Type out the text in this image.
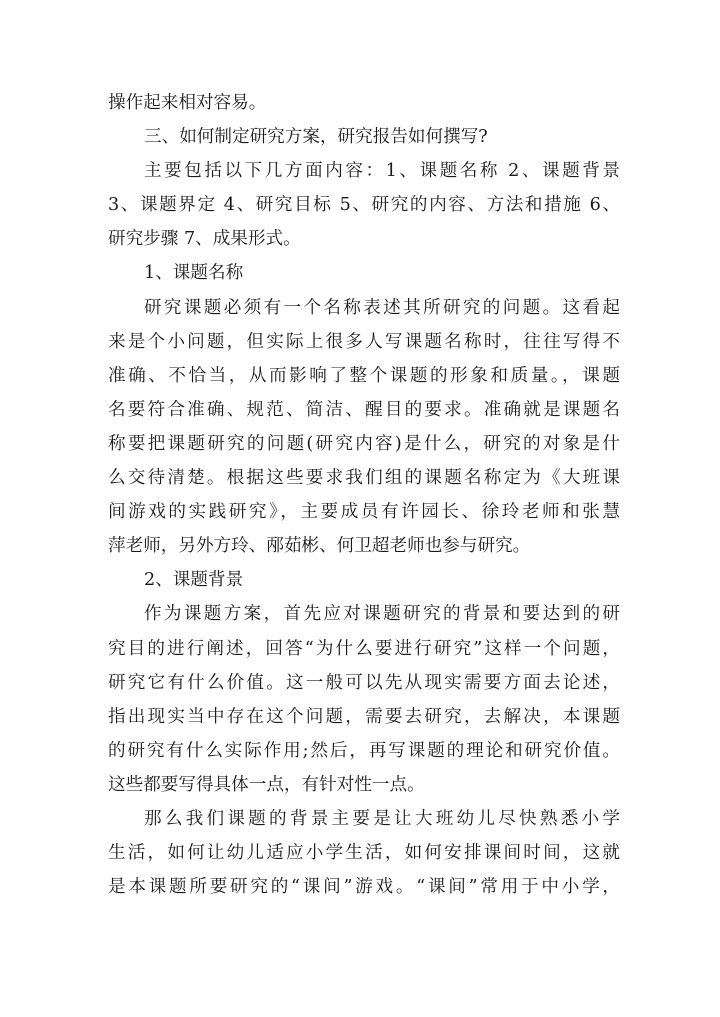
操作起来相对容易。
三、如何制定研究方案，研究报告如何撰写?
主要包括以下几方面内容：1、课题名称 2、课题背景
3、课题界定 4、研究目标 5、研究的内容、方法和措施 6、
研究步骤 7、成果形式。
1、课题名称
研究课题必须有一个名称表述其所研究的问题。这看起
来是个小问题，但实际上很多人写课题名称时，往往写得不
准确、不恰当，从而影响了整个课题的形象和质量。，课题
名要符合准确、规范、简洁、醒目的要求。准确就是课题名
称要把课题研究的问题(研究内容)是什么，研究的对象是什
么交待清楚。根据这些要求我们组的课题名称定为《大班课
间游戏的实践研究》，主要成员有许园长、徐玲老师和张慧
萍老师，另外方玲、邴茹彬、何卫超老师也参与研究。
2、课题背景
作为课题方案，首先应对课题研究的背景和要达到的研
究目的进行阐述，回答“为什么要进行研究”这样一个问题，
研究它有什么价值。这一般可以先从现实需要方面去论述，
指出现实当中存在这个问题，需要去研究，去解决，本课题
的研究有什么实际作用;然后，再写课题的理论和研究价值。
这些都要写得具体一点，有针对性一点。
那么我们课题的背景主要是让大班幼儿尽快熟悉小学
生活，如何让幼儿适应小学生活，如何安排课间时间，这就
是本课题所要研究的“课间”游戏。“课间”常用于中小学，
